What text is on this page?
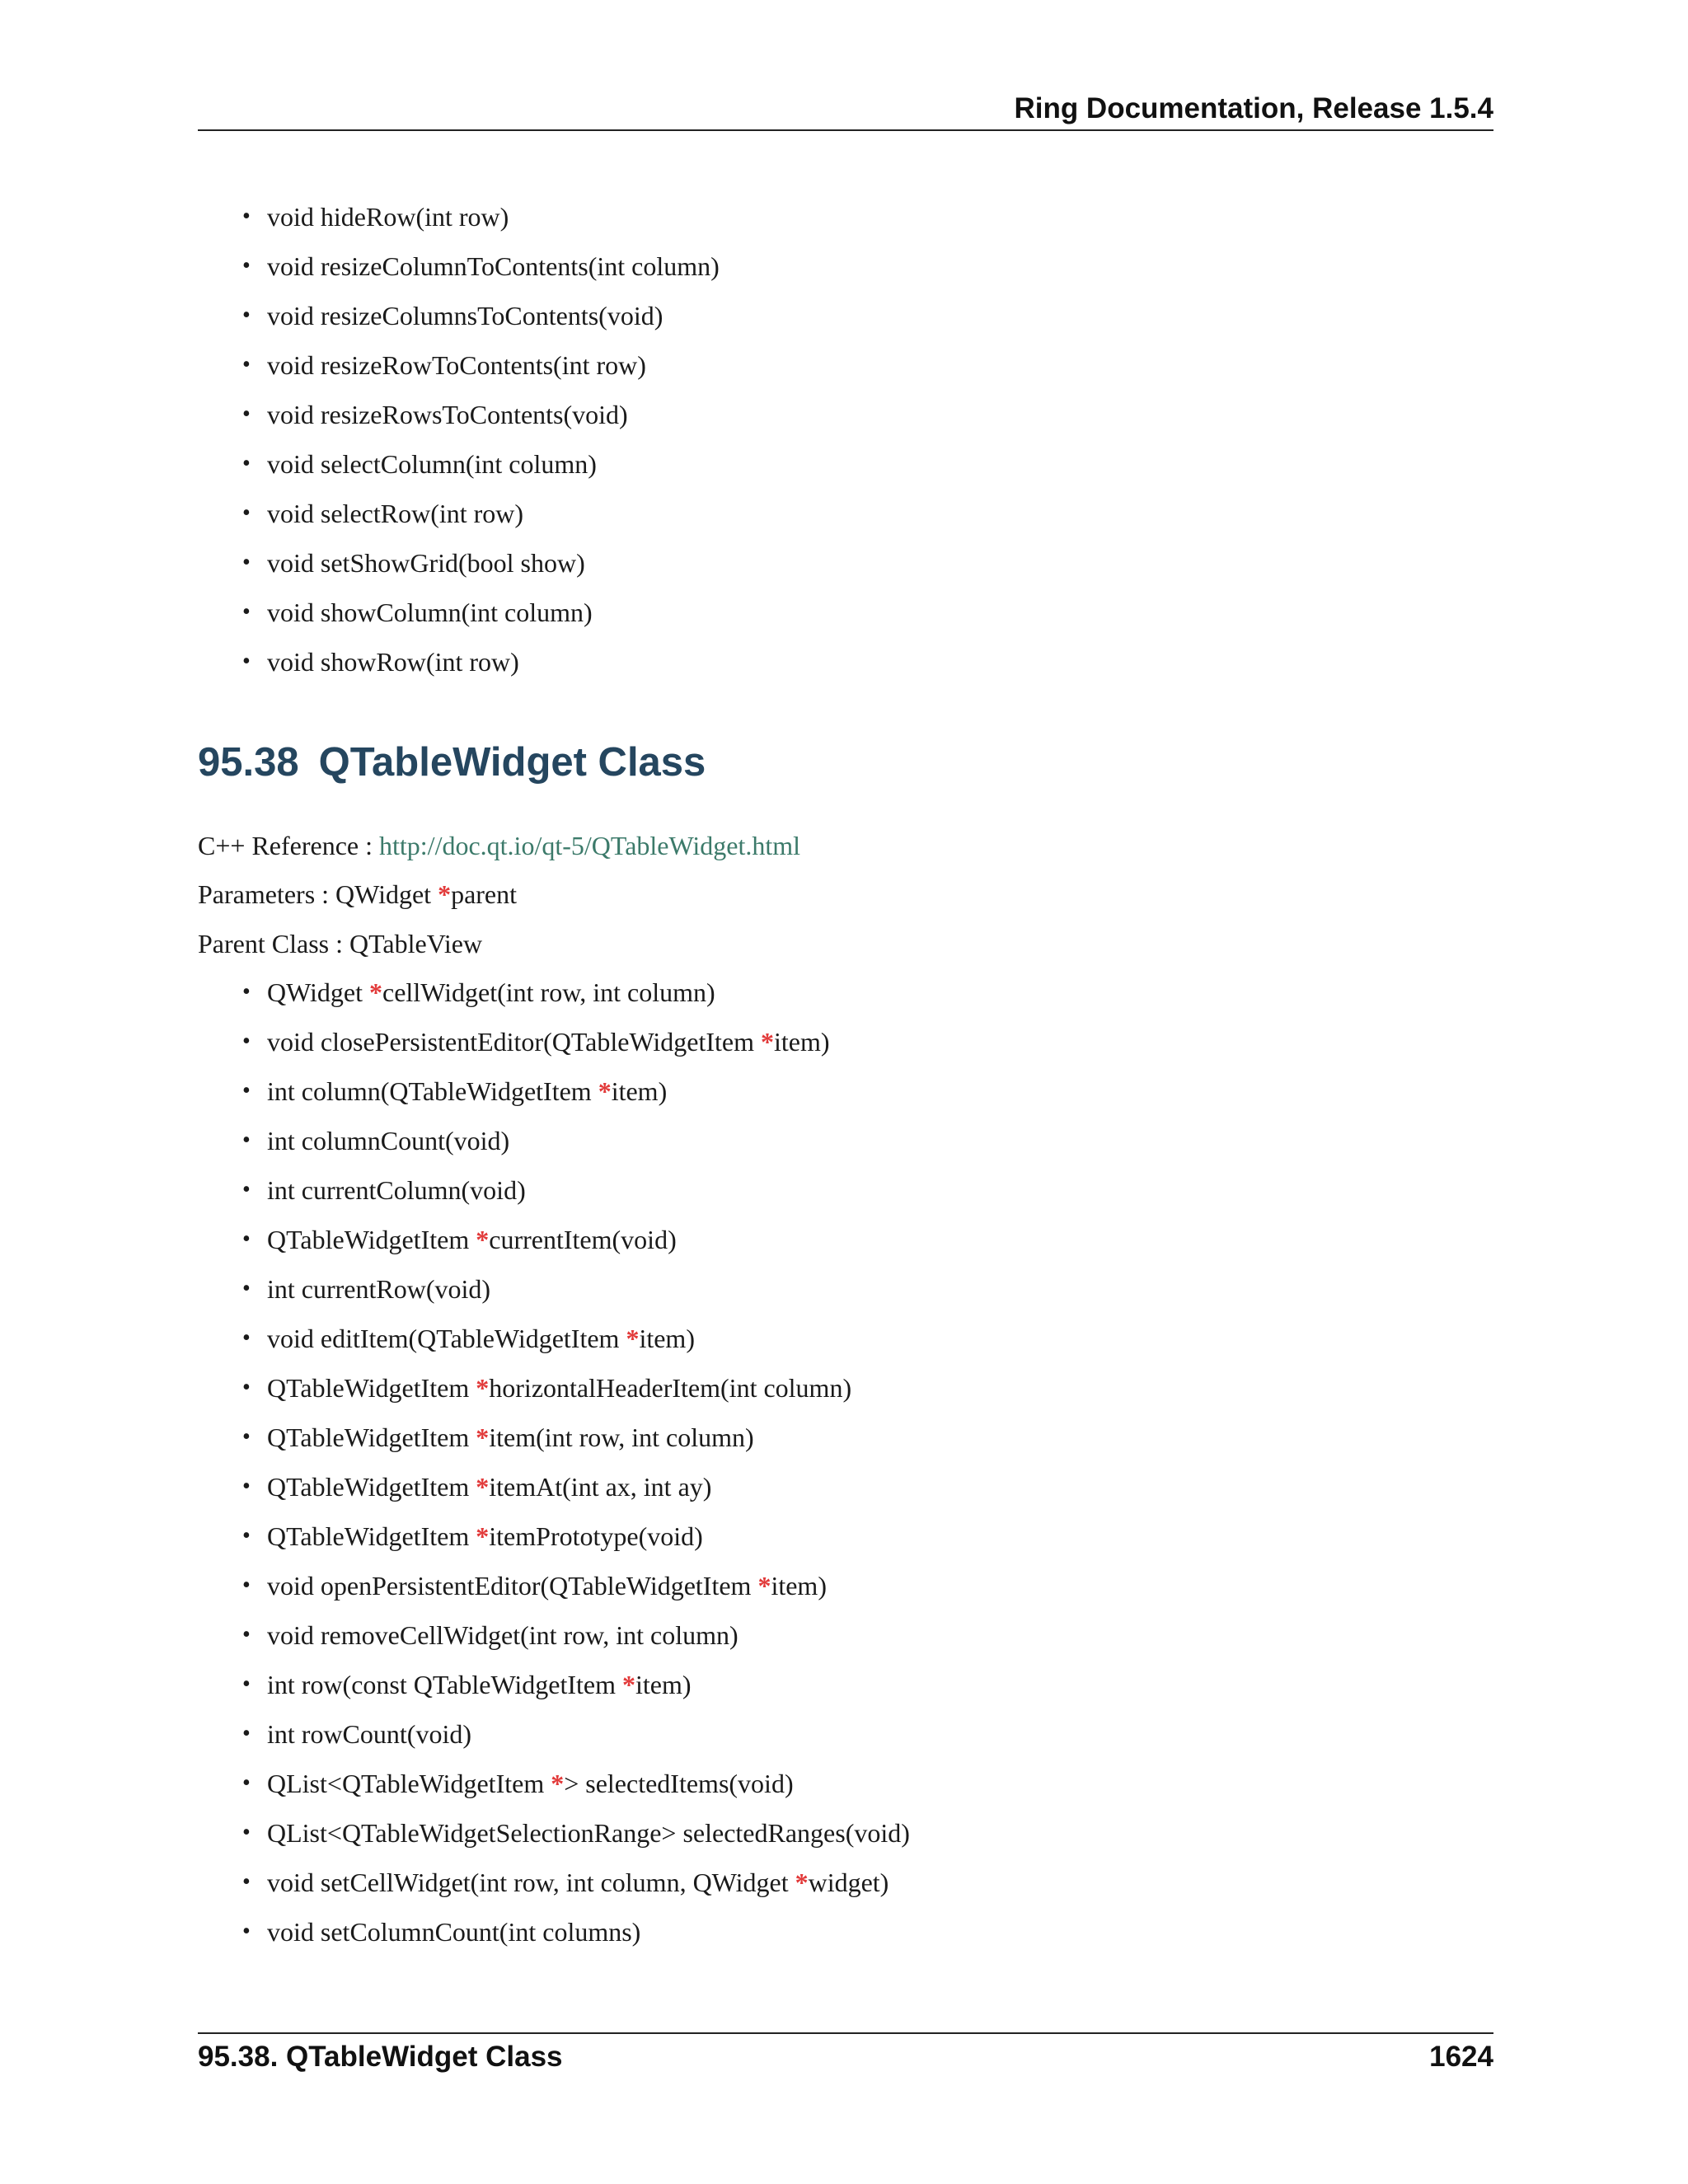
Ring Documentation, Release 1.5.4
• void hideRow(int row)
• void resizeColumnToContents(int column)
• void resizeColumnsToContents(void)
• void resizeRowToContents(int row)
• void resizeRowsToContents(void)
• void selectColumn(int column)
• void selectRow(int row)
• void setShowGrid(bool show)
• void showColumn(int column)
• void showRow(int row)
95.38 QTableWidget Class
C++ Reference : http://doc.qt.io/qt-5/QTableWidget.html
Parameters : QWidget *parent
Parent Class : QTableView
• QWidget *cellWidget(int row, int column)
• void closePersistentEditor(QTableWidgetItem *item)
• int column(QTableWidgetItem *item)
• int columnCount(void)
• int currentColumn(void)
• QTableWidgetItem *currentItem(void)
• int currentRow(void)
• void editItem(QTableWidgetItem *item)
• QTableWidgetItem *horizontalHeaderItem(int column)
• QTableWidgetItem *item(int row, int column)
• QTableWidgetItem *itemAt(int ax, int ay)
• QTableWidgetItem *itemPrototype(void)
• void openPersistentEditor(QTableWidgetItem *item)
• void removeCellWidget(int row, int column)
• int row(const QTableWidgetItem *item)
• int rowCount(void)
• QList<QTableWidgetItem *> selectedItems(void)
• QList<QTableWidgetSelectionRange> selectedRanges(void)
• void setCellWidget(int row, int column, QWidget *widget)
• void setColumnCount(int columns)
95.38. QTableWidget Class	1624
